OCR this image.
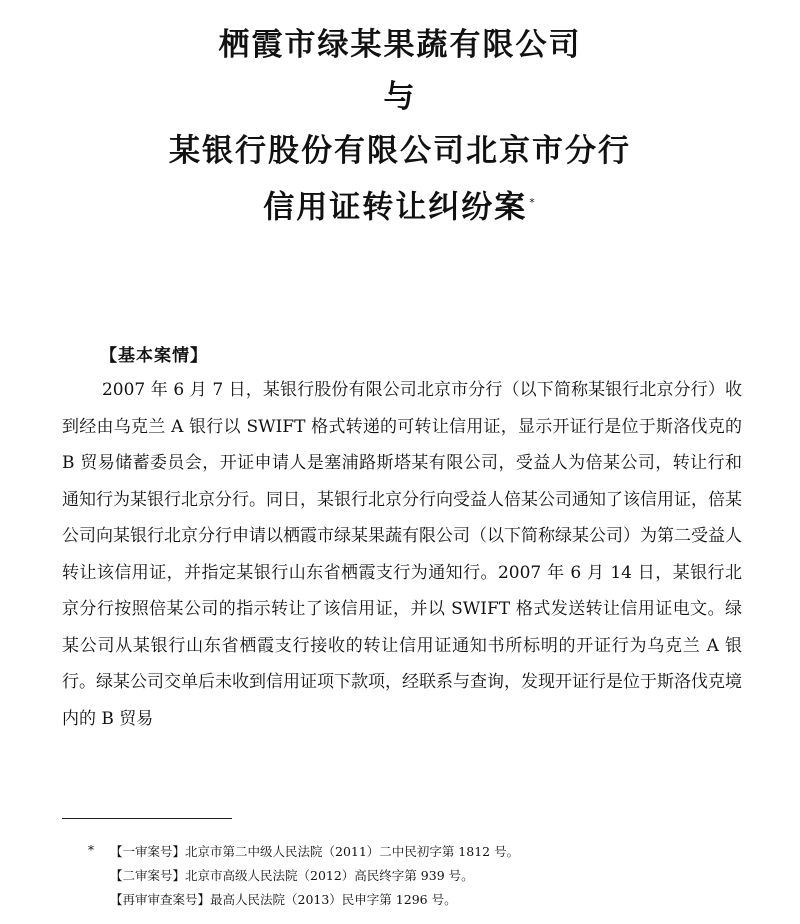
栖霞市绿某果蔬有限公司
与
某银行股份有限公司北京市分行
信用证转让纠纷案 *
【基本案情】

2007 年 6 月 7 日，某银行股份有限公司北京市分行（以下简称某银行北京分行）收到经由乌克兰 A 银行以 SWIFT 格式转递的可转让信用证，显示开证行是位于斯洛伐克的 B 贸易储蓄委员会，开证申请人是塞浦路斯塔某有限公司，受益人为倍某公司，转让行和通知行为某银行北京分行。同日，某银行北京分行向受益人倍某公司通知了该信用证，倍某公司向某银行北京分行申请以栖霞市绿某果蔬有限公司（以下简称绿某公司）为第二受益人转让该信用证，并指定某银行山东省栖霞支行为通知行。2007 年 6 月 14 日，某银行北京分行按照倍某公司的指示转让了该信用证，并以 SWIFT 格式发送转让信用证电文。绿某公司从某银行山东省栖霞支行接收的转让信用证通知书所标明的开证行为乌克兰 A 银行。绿某公司交单后未收到信用证项下款项，经联系与查询，发现开证行是位于斯洛伐克境内的 B 贸易

* 【一审案号】北京市第二中级人民法院（2011）二中民初字第 1812 号。
【二审案号】北京市高级人民法院（2012）高民终字第 939 号。
【再审审查案号】最高人民法院（2013）民申字第 1296 号。
